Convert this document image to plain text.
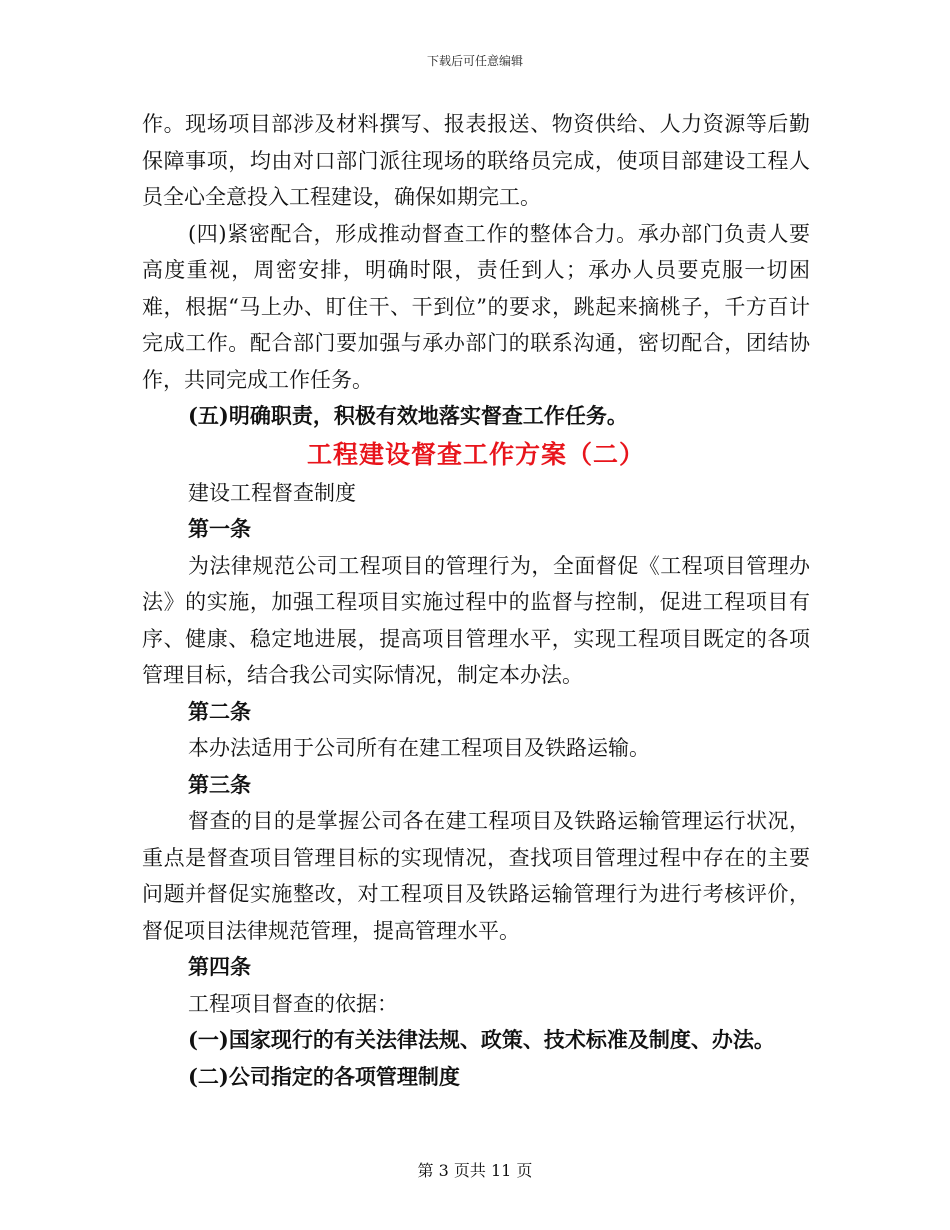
下载后可任意编辑

作。现场项目部涉及材料撰写、报表报送、物资供给、人力资源等后勤保障事项，均由对口部门派往现场的联络员完成，使项目部建设工程人员全心全意投入工程建设，确保如期完工。

(四)紧密配合，形成推动督查工作的整体合力。承办部门负责人要高度重视，周密安排，明确时限，责任到人；承办人员要克服一切困难，根据“马上办、盯住干、干到位”的要求，跳起来摘桃子，千方百计完成工作。配合部门要加强与承办部门的联系沟通，密切配合，团结协作，共同完成工作任务。

(五)明确职责，积极有效地落实督查工作任务。

工程建设督查工作方案（二）

建设工程督查制度

第一条

为法律规范公司工程项目的管理行为，全面督促《工程项目管理办法》的实施，加强工程项目实施过程中的监督与控制，促进工程项目有序、健康、稳定地进展，提高项目管理水平，实现工程项目既定的各项管理目标，结合我公司实际情况，制定本办法。

第二条

本办法适用于公司所有在建工程项目及铁路运输。

第三条

督查的目的是掌握公司各在建工程项目及铁路运输管理运行状况，重点是督查项目管理目标的实现情况，查找项目管理过程中存在的主要问题并督促实施整改，对工程项目及铁路运输管理行为进行考核评价，督促项目法律规范管理，提高管理水平。

第四条

工程项目督查的依据：

(一)国家现行的有关法律法规、政策、技术标准及制度、办法。

(二)公司指定的各项管理制度

第 3 页共 11 页
